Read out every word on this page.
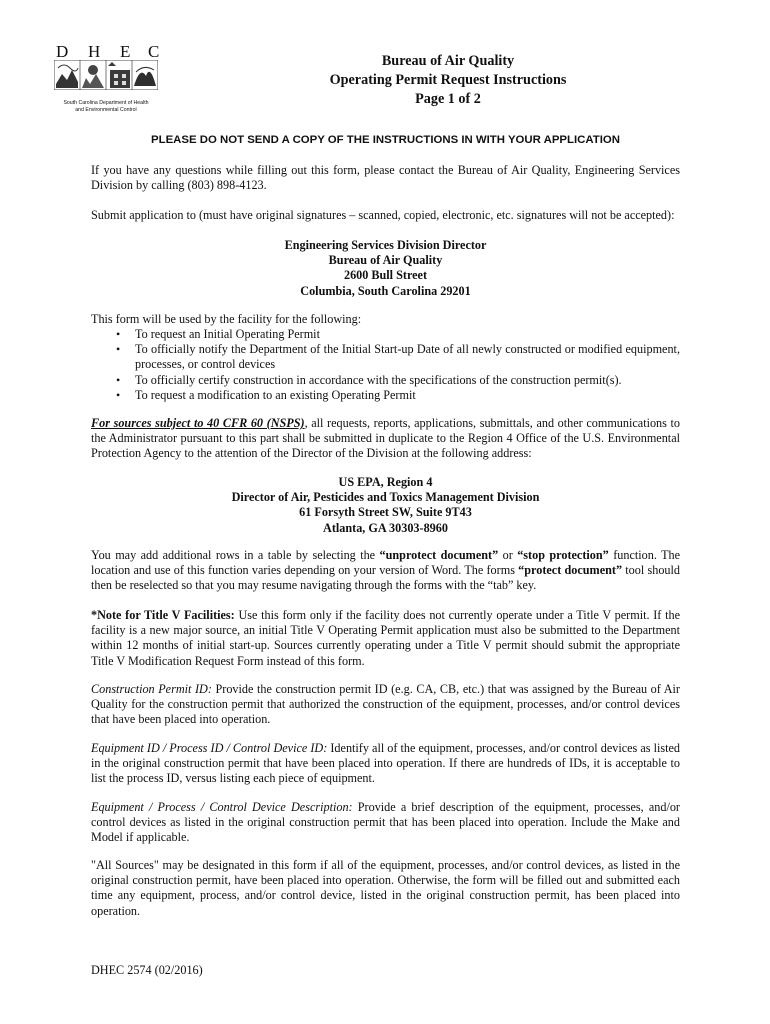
D H E C
South Carolina Department of Health
and Environmental Control
Bureau of Air Quality
Operating Permit Request Instructions
Page 1 of 2
PLEASE DO NOT SEND A COPY OF THE INSTRUCTIONS IN WITH YOUR APPLICATION
If you have any questions while filling out this form, please contact the Bureau of Air Quality, Engineering Services Division by calling (803) 898-4123.
Submit application to (must have original signatures – scanned, copied, electronic, etc. signatures will not be accepted):
Engineering Services Division Director
Bureau of Air Quality
2600 Bull Street
Columbia, South Carolina 29201
This form will be used by the facility for the following:
• To request an Initial Operating Permit
• To officially notify the Department of the Initial Start-up Date of all newly constructed or modified equipment, processes, or control devices
• To officially certify construction in accordance with the specifications of the construction permit(s).
• To request a modification to an existing Operating Permit
For sources subject to 40 CFR 60 (NSPS), all requests, reports, applications, submittals, and other communications to the Administrator pursuant to this part shall be submitted in duplicate to the Region 4 Office of the U.S. Environmental Protection Agency to the attention of the Director of the Division at the following address:
US EPA, Region 4
Director of Air, Pesticides and Toxics Management Division
61 Forsyth Street SW, Suite 9T43
Atlanta, GA 30303-8960
You may add additional rows in a table by selecting the “unprotect document” or “stop protection” function. The location and use of this function varies depending on your version of Word. The forms “protect document” tool should then be reselected so that you may resume navigating through the forms with the “tab” key.
*Note for Title V Facilities: Use this form only if the facility does not currently operate under a Title V permit. If the facility is a new major source, an initial Title V Operating Permit application must also be submitted to the Department within 12 months of initial start-up. Sources currently operating under a Title V permit should submit the appropriate Title V Modification Request Form instead of this form.
Construction Permit ID: Provide the construction permit ID (e.g. CA, CB, etc.) that was assigned by the Bureau of Air Quality for the construction permit that authorized the construction of the equipment, processes, and/or control devices that have been placed into operation.
Equipment ID / Process ID / Control Device ID: Identify all of the equipment, processes, and/or control devices as listed in the original construction permit that have been placed into operation. If there are hundreds of IDs, it is acceptable to list the process ID, versus listing each piece of equipment.
Equipment / Process / Control Device Description: Provide a brief description of the equipment, processes, and/or control devices as listed in the original construction permit that has been placed into operation. Include the Make and Model if applicable.
"All Sources" may be designated in this form if all of the equipment, processes, and/or control devices, as listed in the original construction permit, have been placed into operation. Otherwise, the form will be filled out and submitted each time any equipment, process, and/or control device, listed in the original construction permit, has been placed into operation.
DHEC 2574 (02/2016)
